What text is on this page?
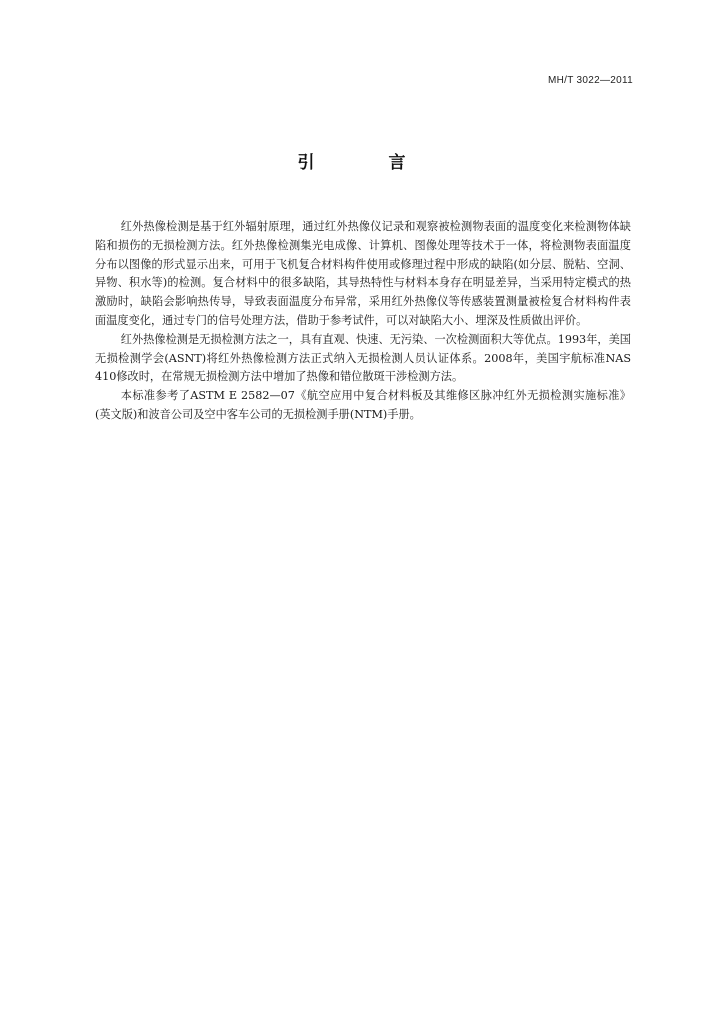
MH/T 3022—2011
引 言

红外热像检测是基于红外辐射原理，通过红外热像仪记录和观察被检测物表面的温度变化来检测物体缺陷和损伤的无损检测方法。红外热像检测集光电成像、计算机、图像处理等技术于一体，将检测物表面温度分布以图像的形式显示出来，可用于飞机复合材料构件使用或修理过程中形成的缺陷(如分层、脱粘、空洞、异物、积水等)的检测。复合材料中的很多缺陷，其导热特性与材料本身存在明显差异，当采用特定模式的热激励时，缺陷会影响热传导，导致表面温度分布异常，采用红外热像仪等传感装置测量被检复合材料构件表面温度变化，通过专门的信号处理方法，借助于参考试件，可以对缺陷大小、埋深及性质做出评价。

红外热像检测是无损检测方法之一，具有直观、快速、无污染、一次检测面积大等优点。1993年，美国无损检测学会(ASNT)将红外热像检测方法正式纳入无损检测人员认证体系。2008年，美国宇航标准NAS 410修改时，在常规无损检测方法中增加了热像和错位散斑干涉检测方法。

本标准参考了ASTM E 2582—07《航空应用中复合材料板及其维修区脉冲红外无损检测实施标准》(英文版)和波音公司及空中客车公司的无损检测手册(NTM)手册。
